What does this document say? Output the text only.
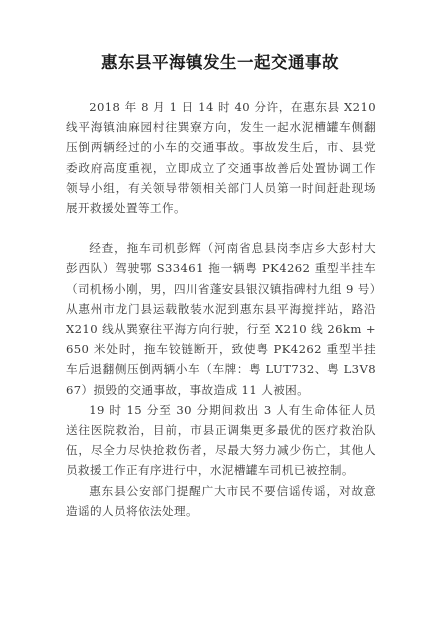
惠东县平海镇发生一起交通事故

2018 年 8 月 1 日 14 时 40 分许，在惠东县 X210 线平海镇油麻园村往巽寮方向，发生一起水泥槽罐车侧翻压倒两辆经过的小车的交通事故。事故发生后，市、县党委政府高度重视，立即成立了交通事故善后处置协调工作领导小组，有关领导带领相关部门人员第一时间赶赴现场展开救援处置等工作。

经查，拖车司机彭辉（河南省息县岗李店乡大彭村大彭西队）驾驶鄂 S33461 拖一辆粤 PK4262 重型半挂车（司机杨小刚，男，四川省蓬安县银汉镇指碑村九组 9 号）从惠州市龙门县运载散装水泥到惠东县平海搅拌站，路沿 X210 线从巽寮往平海方向行驶，行至 X210 线 26km + 650 米处时，拖车铰链断开，致使粤 PK4262 重型半挂车后退翻侧压倒两辆小车（车牌：粤 LUT732、粤 L3V867）损毁的交通事故，事故造成 11 人被困。

19 时 15 分至 30 分期间救出 3 人有生命体征人员送往医院救治，目前，市县正调集更多最优的医疗救治队伍，尽全力尽快抢救伤者，尽最大努力减少伤亡，其他人员救援工作正有序进行中，水泥槽罐车司机已被控制。

惠东县公安部门提醒广大市民不要信谣传谣，对故意造谣的人员将依法处理。
